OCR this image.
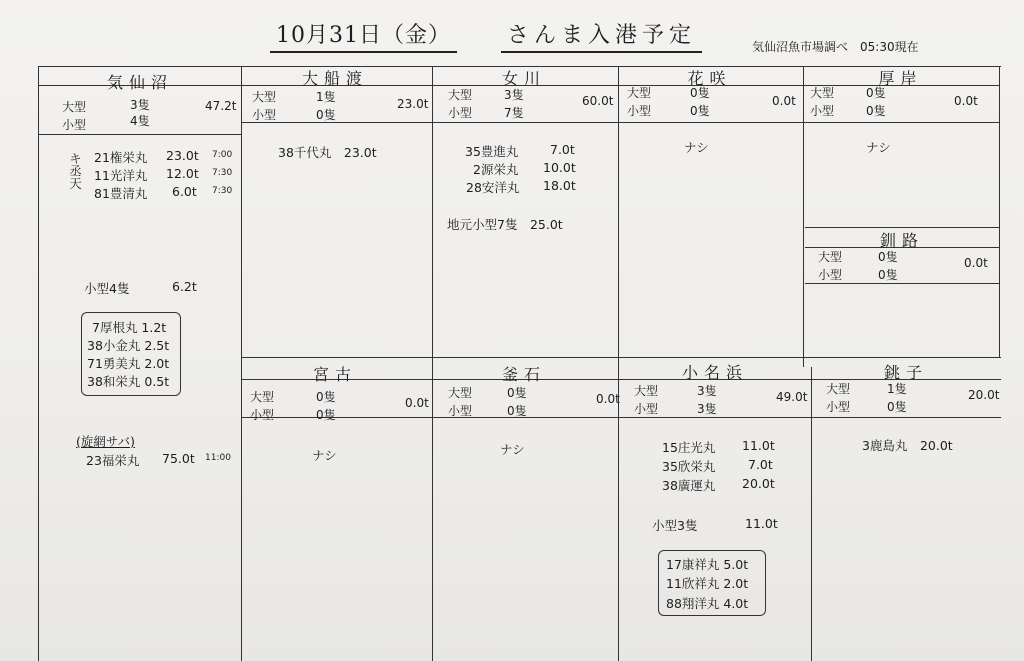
10月31日（金）	さんま入港予定	気仙沼魚市場調べ　05:30現在
気仙沼
大型	3隻	47.2t
小型	4隻
キ丞天 21権栄丸 23.0t 7:00
11光洋丸 12.0t 7:30
81豊清丸 6.0t 7:30
小型4隻	6.2t
7厚根丸 1.2t
38小金丸 2.5t
71勇美丸 2.0t
38和栄丸 0.5t
(旋網サバ)
23福栄丸 75.0t 11:00
大船渡
大型	1隻
小型	0隻
23.0t
38千代丸　23.0t
女川
大型	3隻
小型	7隻
60.0t
35豊進丸	7.0t
2源栄丸 10.0t
28安洋丸 18.0t
地元小型7隻　25.0t
花咲
大型	0隻
小型	0隻
0.0t
ナシ
厚岸
大型	0隻
小型	0隻
0.0t
ナシ
釧路
大型	0隻
小型	0隻
0.0t
宮古
大型	0隻
小型	0隻
0.0t
ナシ
釜石
大型	0隻
小型	0隻
0.0t
ナシ
小名浜
大型	3隻
小型	3隻
49.0t
15庄光丸 11.0t
35欣栄丸	7.0t
38廣運丸 20.0t
小型3隻	11.0t
17康祥丸 5.0t
11欣祥丸 2.0t
88翔洋丸 4.0t
銚子
大型	1隻
小型	0隻
20.0t
3鹿島丸　20.0t
